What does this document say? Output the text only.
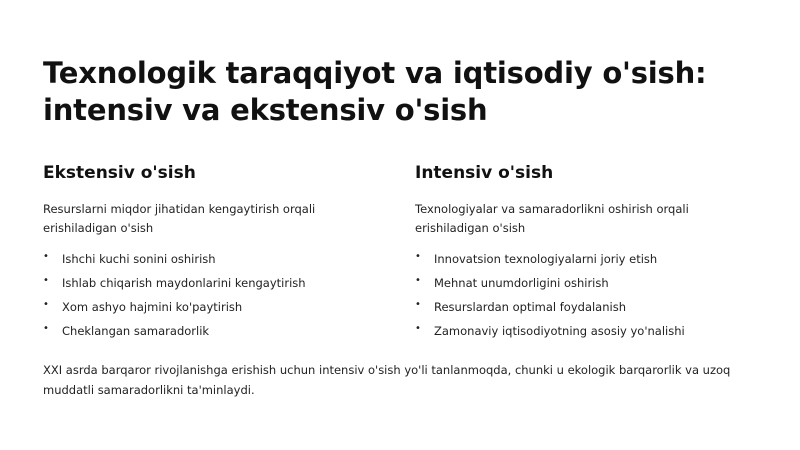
Texnologik taraqqiyot va iqtisodiy o'sish:
intensiv va ekstensiv o'sish
Ekstensiv o'sish

Resurslarni miqdor jihatidan kengaytirish orqali erishiladigan o'sish

• Ishchi kuchi sonini oshirish
• Ishlab chiqarish maydonlarini kengaytirish
• Xom ashyo hajmini ko'paytirish
• Cheklangan samaradorlik
Intensiv o'sish

Texnologiyalar va samaradorlikni oshirish orqali erishiladigan o'sish

• Innovatsion texnologiyalarni joriy etish
• Mehnat unumdorligini oshirish
• Resurslardan optimal foydalanish
• Zamonaviy iqtisodiyotning asosiy yo'nalishi

XXI asrda barqaror rivojlanishga erishish uchun intensiv o'sish yo'li tanlanmoqda, chunki u ekologik barqarorlik va uzoq muddatli samaradorlikni ta'minlaydi.
